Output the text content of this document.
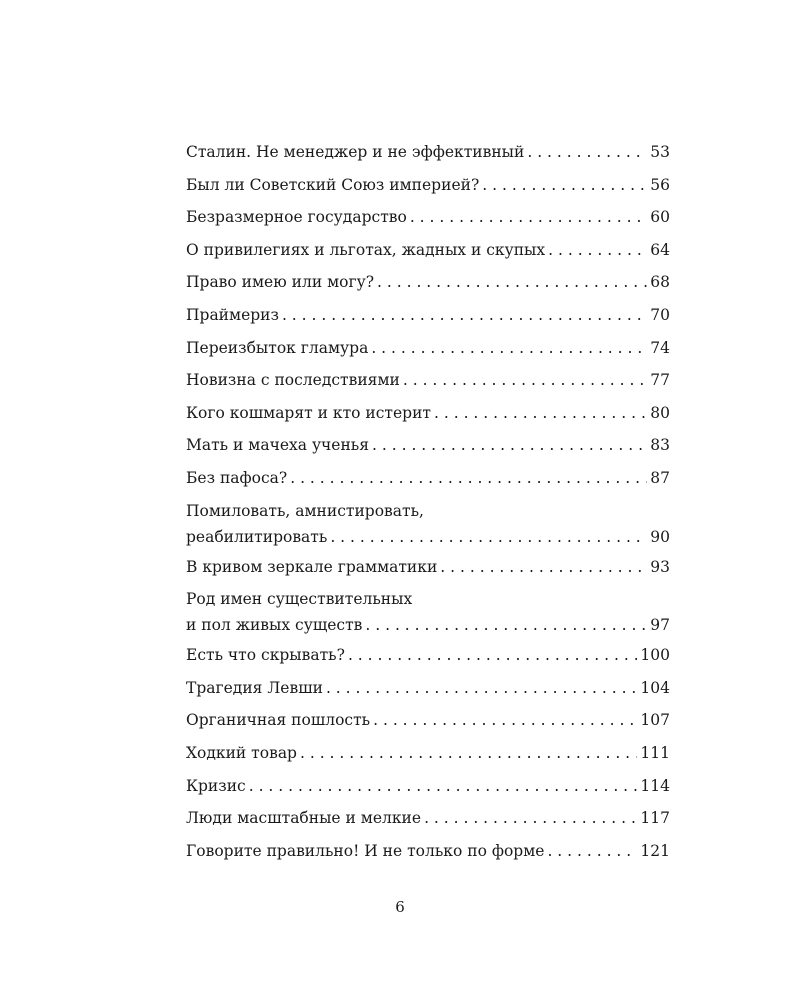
Сталин. Не менеджер и не эффективный . . .	53
Был ли Советский Союз империей? . . .	56
Безразмерное государство . . .	60
О привилегиях и льготах, жадных и скупых . . .	64
Право имею или могу? . . .	68
Праймериз . . .	70
Переизбыток гламура . . .	74
Новизна с последствиями . . .	77
Кого кошмарят и кто истерит . . .	80
Мать и мачеха ученья . . .	83
Без пафоса? . . .	87
Помиловать, амнистировать,
реабилитировать . . .	90
В кривом зеркале грамматики . . .	93
Род имен существительных
и пол живых существ . . .	97
Есть что скрывать? . . .	100
Трагедия Левши . . .	104
Органичная пошлость . . .	107
Ходкий товар . . .	111
Кризис . . .	114
Люди масштабные и мелкие . . .	117
Говорите правильно! И не только по форме . . .	121
6
